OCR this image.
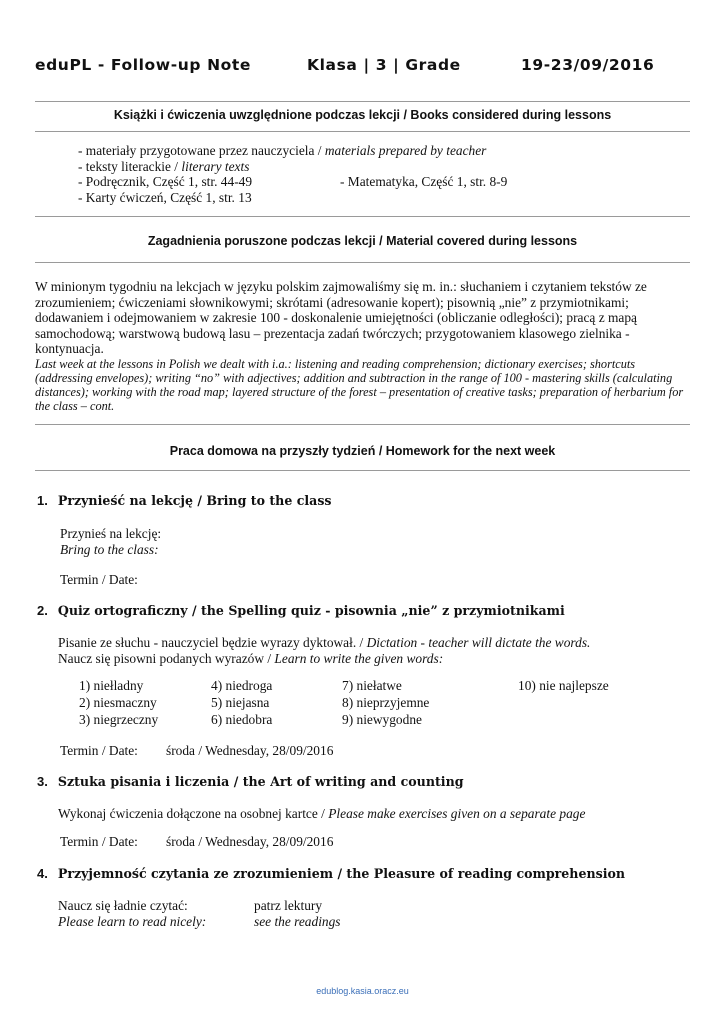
eduPL - Follow-up Note	Klasa | 3 | Grade	19-23/09/2016
Książki i ćwiczenia uwzględnione podczas lekcji / Books considered during lessons
- materiały przygotowane przez nauczyciela / materials prepared by teacher
- teksty literackie / literary texts
- Podręcznik, Część 1, str. 44-49
- Karty ćwiczeń, Część 1, str. 13
- Matematyka, Część 1, str. 8-9
Zagadnienia poruszone podczas lekcji / Material covered during lessons
W minionym tygodniu na lekcjach w języku polskim zajmowaliśmy się m. in.: słuchaniem i czytaniem tekstów ze zrozumieniem; ćwiczeniami słownikowymi; skrótami (adresowanie kopert); pisownią „nie” z przymiotnikami; dodawaniem i odejmowaniem w zakresie 100 - doskonalenie umiejętności (obliczanie odległości); pracą z mapą samochodową; warstwową budową lasu – prezentacja zadań twórczych; przygotowaniem klasowego zielnika - kontynuacja.
Last week at the lessons in Polish we dealt with i.a.: listening and reading comprehension; dictionary exercises; shortcuts (addressing envelopes); writing “no” with adjectives; addition and subtraction in the range of 100 - mastering skills (calculating distances); working with the road map; layered structure of the forest – presentation of creative tasks; preparation of herbarium for the class – cont.
Praca domowa na przyszły tydzień / Homework for the next week
1. Przynieść na lekcję / Bring to the class
Przynieś na lekcję:
Bring to the class:
Termin / Date:
2. Quiz ortograficzny / the Spelling quiz - pisownia „nie” z przymiotnikami
Pisanie ze słuchu - nauczyciel będzie wyrazy dyktował. / Dictation - teacher will dictate the words.
Naucz się pisowni podanych wyrazów / Learn to write the given words:
1) niełladny
2) niesmaczny
3) niegrzeczny
4) niedroga
5) niejasna
6) niedobra
7) niełatwe
8) nieprzyjemne
9) niewygodne
10) nie najlepsze
Termin / Date: środa / Wednesday, 28/09/2016
3. Sztuka pisania i liczenia / the Art of writing and counting
Wykonaj ćwiczenia dołączone na osobnej kartce / Please make exercises given on a separate page
Termin / Date: środa / Wednesday, 28/09/2016
4. Przyjemność czytania ze zrozumieniem / the Pleasure of reading comprehension
Naucz się ładnie czytać:
Please learn to read nicely:
patrz lektury
see the readings
edublog.kasia.oracz.eu
